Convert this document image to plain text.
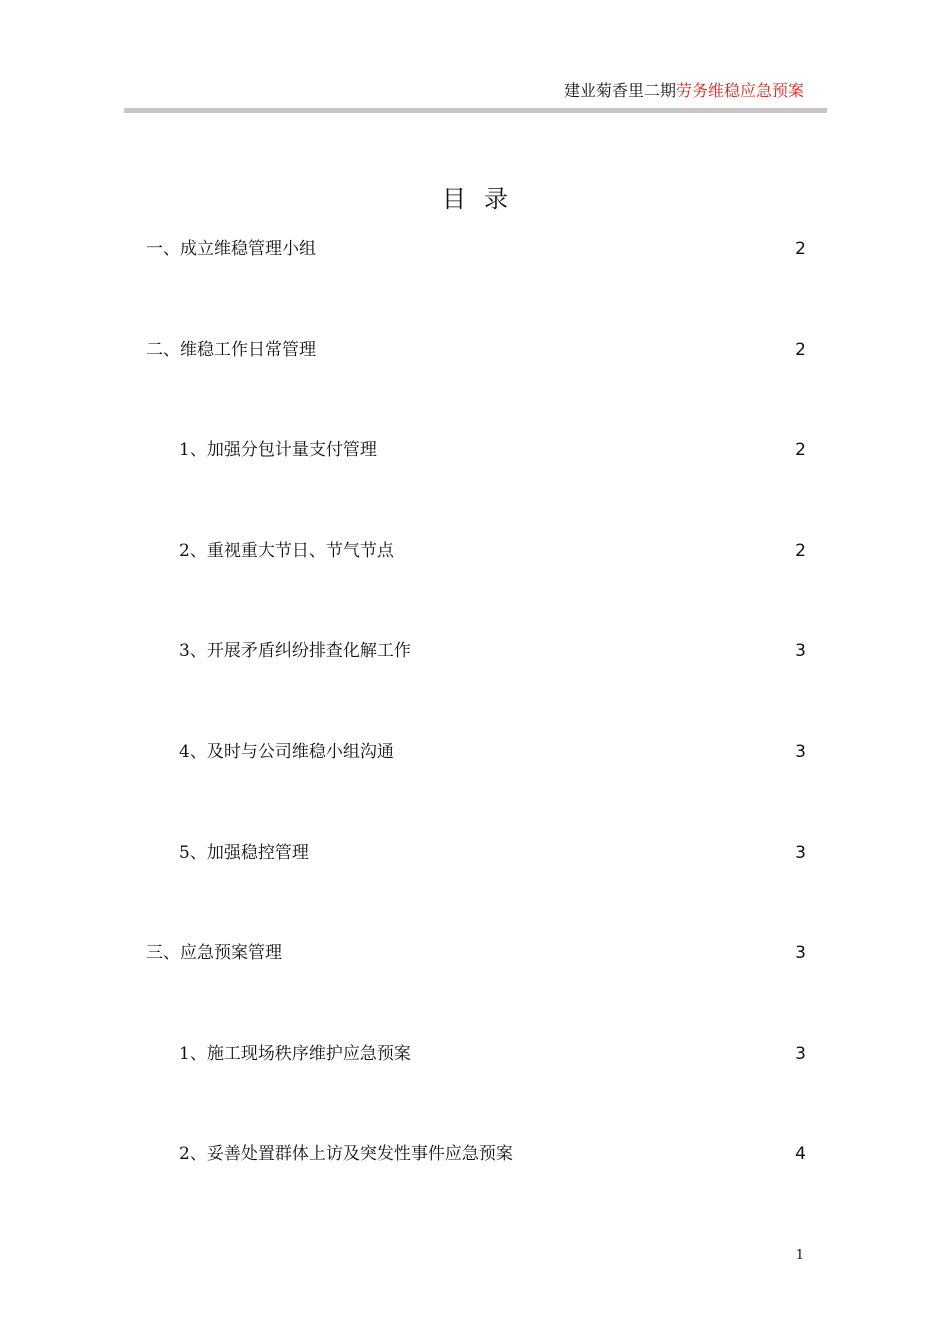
建业菊香里二期劳务维稳应急预案
目录
一、成立维稳管理小组	2
二、维稳工作日常管理	2
1、加强分包计量支付管理	2
2、重视重大节日、节气节点	2
3、开展矛盾纠纷排查化解工作	3
4、及时与公司维稳小组沟通	3
5、加强稳控管理	3
三、应急预案管理	3
1、施工现场秩序维护应急预案	3
2、妥善处置群体上访及突发性事件应急预案	4
1
